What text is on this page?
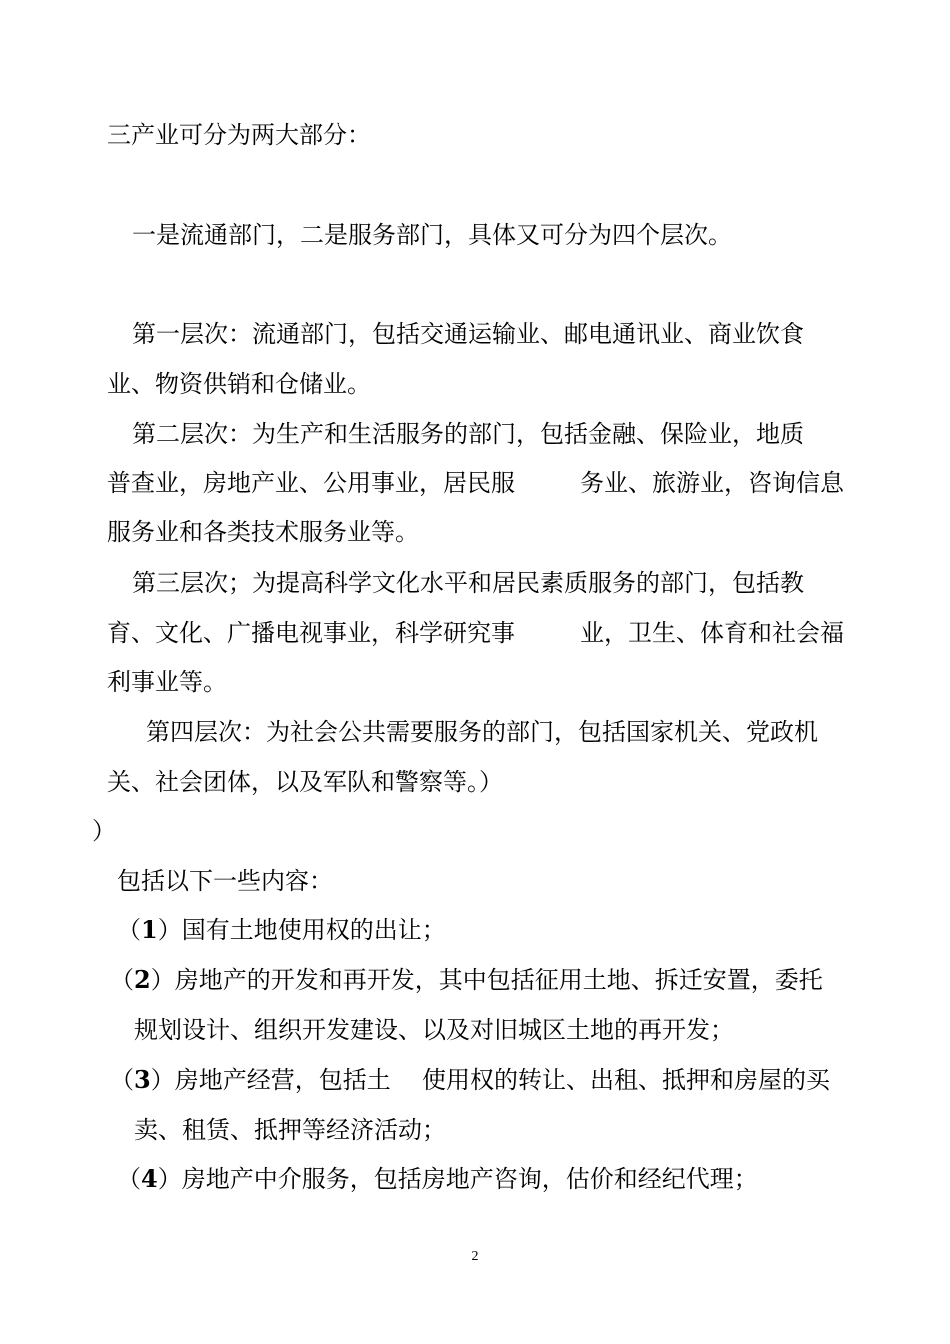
三产业可分为两大部分：
一是流通部门，二是服务部门，具体又可分为四个层次。
第一层次：流通部门，包括交通运输业、邮电通讯业、商业饮食
业、物资供销和仓储业。
第二层次：为生产和生活服务的部门，包括金融、保险业，地质
普查业，房地产业、公用事业，居民服	务业、旅游业，咨询信息
服务业和各类技术服务业等。
第三层次；为提高科学文化水平和居民素质服务的部门，包括教
育、文化、广播电视事业，科学研究事	业，卫生、体育和社会福
利事业等。
第四层次：为社会公共需要服务的部门，包括国家机关、党政机
关、社会团体，以及军队和警察等。）
）
包括以下一些内容：
（1）国有土地使用权的出让；
（2）房地产的开发和再开发，其中包括征用土地、拆迁安置，委托
规划设计、组织开发建设、以及对旧城区土地的再开发；
（3）房地产经营，包括土 使用权的转让、出租、抵押和房屋的买
卖、租赁、抵押等经济活动；
（4）房地产中介服务，包括房地产咨询，估价和经纪代理；
2
